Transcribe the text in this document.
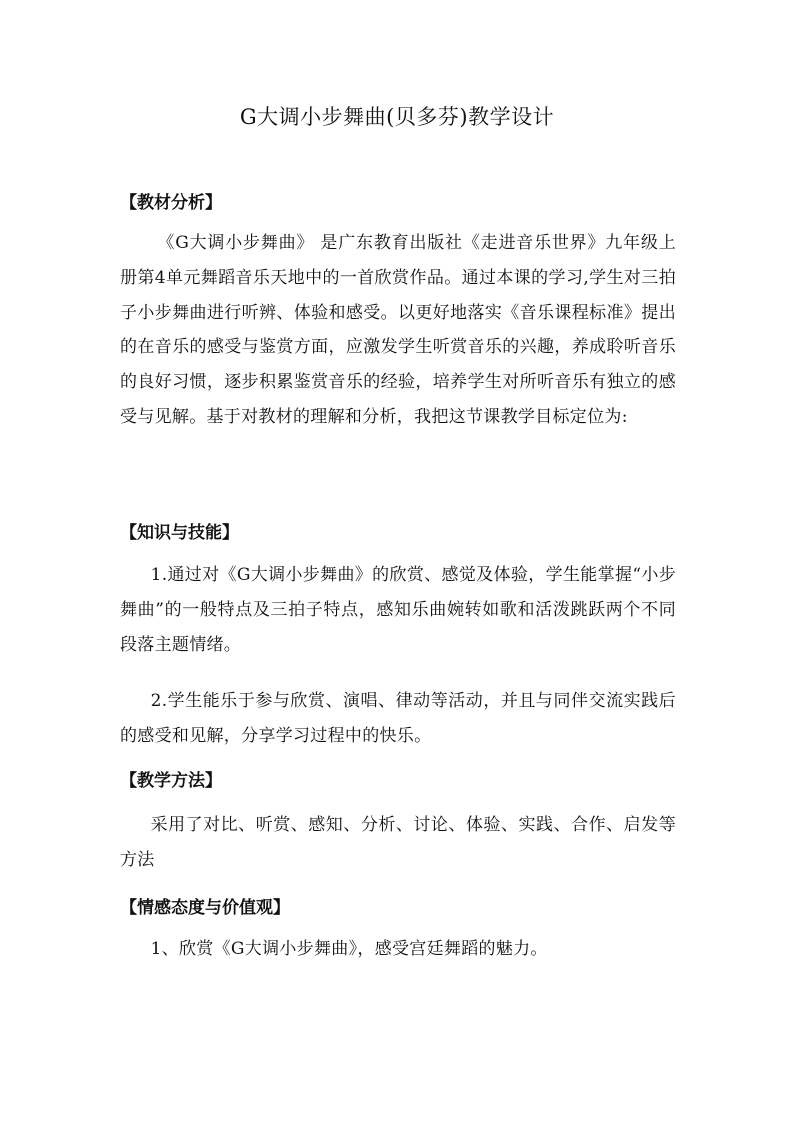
G大调小步舞曲(贝多芬)教学设计
【教材分析】
《G大调小步舞曲》 是广东教育出版社《走进音乐世界》九年级上册第4单元舞蹈音乐天地中的一首欣赏作品。通过本课的学习,学生对三拍子小步舞曲进行听辨、体验和感受。以更好地落实《音乐课程标准》提出的在音乐的感受与鉴赏方面，应激发学生听赏音乐的兴趣，养成聆听音乐的良好习惯，逐步积累鉴赏音乐的经验，培养学生对所听音乐有独立的感受与见解。基于对教材的理解和分析，我把这节课教学目标定位为:
【知识与技能】
1.通过对《G大调小步舞曲》的欣赏、感觉及体验，学生能掌握“小步舞曲”的一般特点及三拍子特点，感知乐曲婉转如歌和活泼跳跃两个不同段落主题情绪。
2.学生能乐于参与欣赏、演唱、律动等活动，并且与同伴交流实践后的感受和见解，分享学习过程中的快乐。
【教学方法】
采用了对比、听赏、感知、分析、讨论、体验、实践、合作、启发等方法
【情感态度与价值观】
1、欣赏《G大调小步舞曲》，感受宫廷舞蹈的魅力。
